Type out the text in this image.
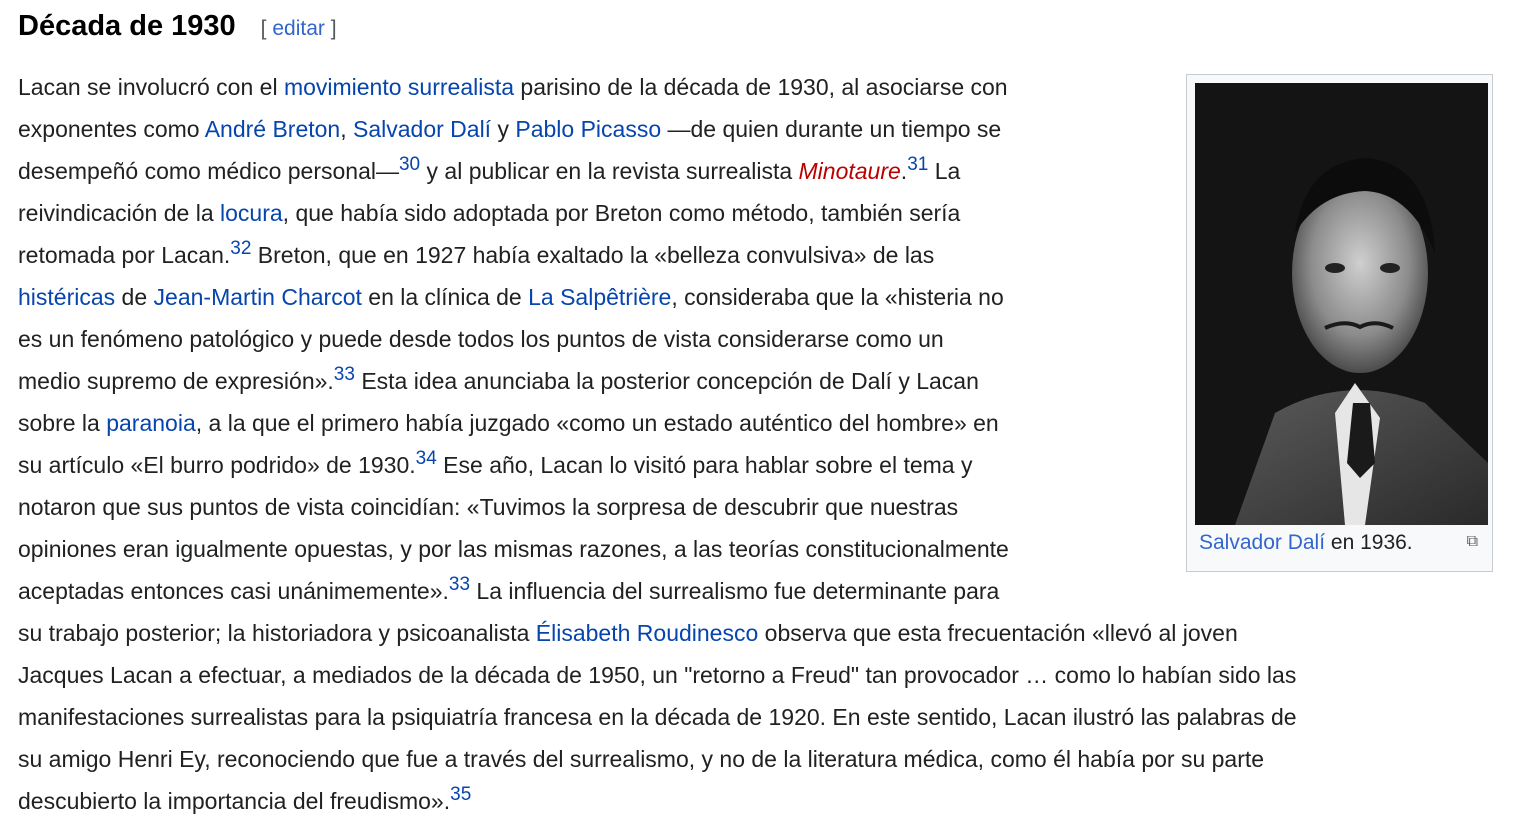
Década de 1930 [ editar ]
Lacan se involucró con el movimiento surrealista parisino de la década de 1930, al asociarse con
exponentes como André Breton, Salvador Dalí y Pablo Picasso —de quien durante un tiempo se
desempeñó como médico personal—$^{30}$ y al publicar en la revista surrealista Minotaure.$^{31}$ La
reivindicación de la locura, que había sido adoptada por Breton como método, también sería
retomada por Lacan.$^{32}$ Breton, que en 1927 había exaltado la «belleza convulsiva» de las
histéricas de Jean-Martin Charcot en la clínica de La Salpêtrière, consideraba que la «histeria no
es un fenómeno patológico y puede desde todos los puntos de vista considerarse como un
medio supremo de expresión».$^{33}$ Esta idea anunciaba la posterior concepción de Dalí y Lacan
sobre la paranoia, a la que el primero había juzgado «como un estado auténtico del hombre» en
su artículo «El burro podrido» de 1930.34 Ese año, Lacan lo visitó para hablar sobre el tema y
notaron que sus puntos de vista coincidían: «Tuvimos la sorpresa de descubrir que nuestras
opiniones eran igualmente opuestas, y por las mismas razones, a las teorías constitucionalmente
aceptadas entonces casi unánimemente».$^{33}$ La influencia del surrealismo fue determinante para
su trabajo posterior; la historiadora y psicoanalista Élisabeth Roudinesco observa que esta frecuentación «llevó al joven
Jacques Lacan a efectuar, a mediados de la década de 1950, un "retorno a Freud" tan provocador … como lo habían sido las
manifestaciones surrealistas para la psiquiatría francesa en la década de 1920. En este sentido, Lacan ilustró las palabras de
su amigo Henri Ey, reconociendo que fue a través del surrealismo, y no de la literatura médica, como él había por su parte
descubierto la importancia del freudismo».$^{35}$
Salvador Dalí en 1936.	⧉
